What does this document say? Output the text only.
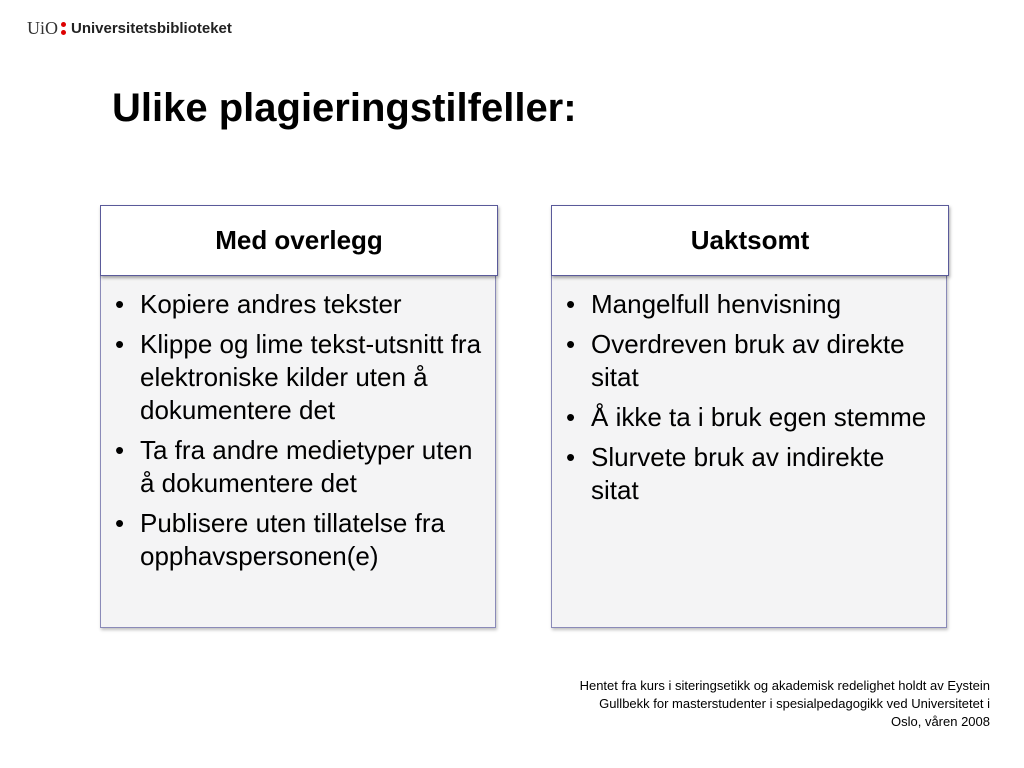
UiO Universitetsbiblioteket
Ulike plagieringstilfeller:
Med overlegg
• Kopiere andres tekster
• Klippe og lime tekst-utsnitt fra elektroniske kilder uten å dokumentere det
• Ta fra andre medietyper uten å dokumentere det
• Publisere uten tillatelse fra opphavspersonen(e)
Uaktsomt
• Mangelfull henvisning
• Overdreven bruk av direkte sitat
• Å ikke ta i bruk egen stemme
• Slurvete bruk av indirekte sitat
Hentet fra kurs i siteringsetikk og akademisk redelighet holdt av Eystein
Gullbekk for masterstudenter i spesialpedagogikk ved Universitetet i
Oslo, våren 2008
